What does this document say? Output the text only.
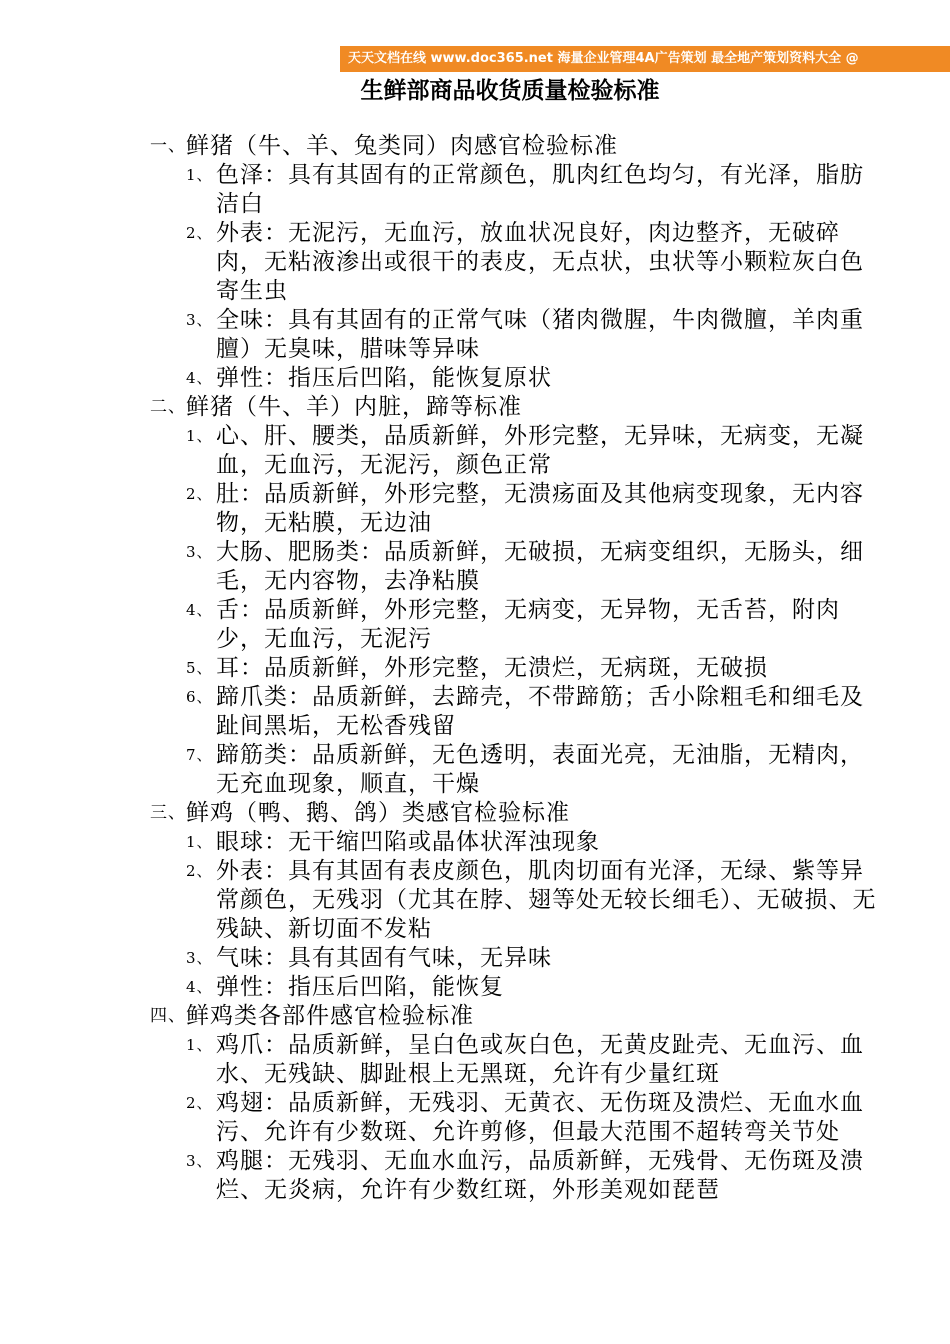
天天文档在线 www.doc365.net 海量企业管理4A广告策划 最全地产策划资料大全 @
生鲜部商品收货质量检验标准
一、 鲜猪（牛、羊、兔类同）肉感官检验标准
1、 色泽：具有其固有的正常颜色，肌肉红色均匀，有光泽，脂肪洁白
2、 外表：无泥污，无血污，放血状况良好，肉边整齐，无破碎肉，无粘液渗出或很干的表皮，无点状，虫状等小颗粒灰白色寄生虫
3、 全味：具有其固有的正常气味（猪肉微腥，牛肉微膻，羊肉重膻）无臭味，腊味等异味
4、 弹性：指压后凹陷，能恢复原状
二、 鲜猪（牛、羊）内脏，蹄等标准
1、 心、肝、腰类，品质新鲜，外形完整，无异味，无病变，无凝血，无血污，无泥污，颜色正常
2、 肚：品质新鲜，外形完整，无溃疡面及其他病变现象，无内容物，无粘膜，无边油
3、 大肠、肥肠类：品质新鲜，无破损，无病变组织，无肠头，细毛，无内容物，去净粘膜
4、 舌：品质新鲜，外形完整，无病变，无异物，无舌苔，附肉少，无血污，无泥污
5、 耳：品质新鲜，外形完整，无溃烂，无病斑，无破损
6、 蹄爪类：品质新鲜，去蹄壳，不带蹄筋；舌小除粗毛和细毛及趾间黑垢，无松香残留
7、 蹄筋类：品质新鲜，无色透明，表面光亮，无油脂，无精肉，无充血现象，顺直，干燥
三、 鲜鸡（鸭、鹅、鸽）类感官检验标准
1、 眼球：无干缩凹陷或晶体状浑浊现象
2、 外表：具有其固有表皮颜色，肌肉切面有光泽，无绿、紫等异常颜色，无残羽（尤其在脖、翅等处无较长细毛）、无破损、无残缺、新切面不发粘
3、 气味：具有其固有气味，无异味
4、 弹性：指压后凹陷，能恢复
四、 鲜鸡类各部件感官检验标准
1、 鸡爪：品质新鲜，呈白色或灰白色，无黄皮趾壳、无血污、血水、无残缺、脚趾根上无黑斑，允许有少量红斑
2、 鸡翅：品质新鲜，无残羽、无黄衣、无伤斑及溃烂、无血水血污、允许有少数斑、允许剪修，但最大范围不超转弯关节处
3、 鸡腿：无残羽、无血水血污，品质新鲜，无残骨、无伤斑及溃烂、无炎病，允许有少数红斑，外形美观如琵琶
